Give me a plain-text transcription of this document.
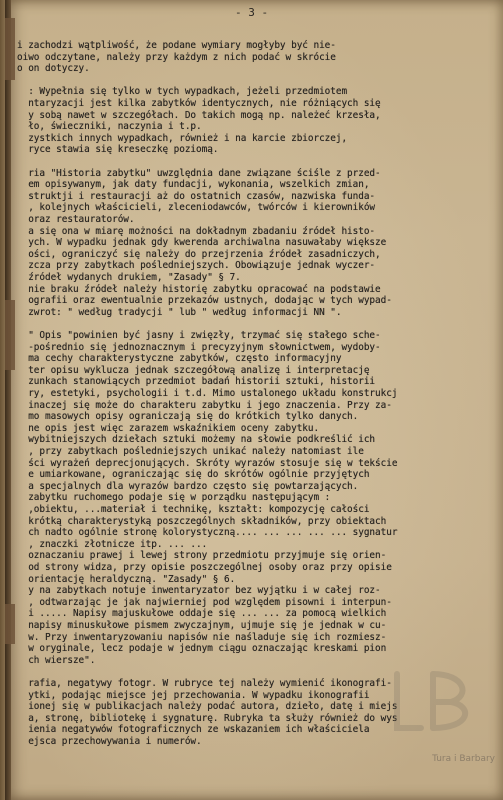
- 3 -
i zachodzi wątpliwość, że podane wymiary mogłyby być nie-
oiwo odczytane, należy przy każdym z nich podać w skrócie
o on dotyczy.
: Wypełnia się tylko w tych wypadkach, jeżeli przedmiotem
ntaryzacji jest kilka zabytków identycznych, nie różniących się
y sobą nawet w szczegółach. Do takich mogą np. należeć krzesła,
ło, świeczniki, naczynia i t.p.
zystkich innych wypadkach, również i na karcie zbiorczej,
ryce stawia się kreseczkę poziomą.
ria "Historia zabytku" uwzględnia dane związane ściśle z przed-
em opisywanym, jak daty fundacji, wykonania, wszelkich zmian,
struktji i restauracji aż do ostatnich czasów, nazwiska funda-
, kolejnych właścicieli, zleceniodawców, twórców i kierowników
oraz restauratorów.
a się ona w miarę możności na dokładnym zbadaniu źródeł histo-
ych. W wypadku jednak gdy kwerenda archiwalna nasuwałaby większe
ości, ograniczyć się należy do przejrzenia źródeł zasadniczych,
zcza przy zabytkach pośledniejszych. Obowiązuje jednak wyczer-
źródeł wydanych drukiem, "Zasady" § 7.
nie braku źródeł należy historię zabytku opracować na podstawie
ografii oraz ewentualnie przekazów ustnych, dodając w tych wypad-
zwrot: " według tradycji " lub " według informacji NN ".
" Opis "powinien być jasny i zwięzły, trzymać się stałego sche-
-pośrednio się jednoznacznym i precyzyjnym słownictwem, wydoby-
ma cechy charakterystyczne zabytków, często informacyjny
ter opisu wyklucza jednak szczegółową analizę i interpretację
zunkach stanowiących przedmiot badań historii sztuki, historii
ry, estetyki, psychologii i t.d. Mimo ustalonego układu konstrukcj
inaczej się może do charakteru zabytku i jego znaczenia. Przy za-
mo masowych opisy ograniczają się do krótkich tylko danych.
ne opis jest więc zarazem wskaźnikiem oceny zabytku.
wybitniejszych dziełach sztuki możemy na słowie podkreślić ich
, przy zabytkach pośledniejszych unikać należy natomiast ile
ści wyrażeń deprecjonujących. Skróty wyrazów stosuje się w tekście
e umiarkowane, ograniczając się do skrótów ogólnie przyjętych
a specjalnych dla wyrazów bardzo często się powtarzających.
zabytku ruchomego podaje się w porządku następującym :
,obiektu, ...materiał i technikę, kształt: kompozycję całości
krótką charakterystyką poszczególnych składników, przy obiektach
ch nadto ogólnie stronę kolorystyczną.... ... ... ... ... sygnatur
, znaczki złotnicze itp. ... ...
oznaczaniu prawej i lewej strony przedmiotu przyjmuje się orien-
od strony widza, przy opisie poszczególnej osoby oraz przy opisie
orientację heraldyczną. "Zasady" § 6.
y na zabytkach notuje inwentaryzator bez wyjątku i w całej roz-
, odtwarzając je jak najwierniej pod względem pisowni i interpun-
i ..... Napisy majuskułowe oddaje się ... ... za pomocą wielkich
napisy minuskułowe pismem zwyczajnym, ujmuje się je jednak w cu-
w. Przy inwentaryzowaniu napisów nie naśladuje się ich rozmiesz-
w oryginale, lecz podaje w jednym ciągu oznaczając kreskami pion
ch wiersze".
rafia, negatywy fotogr. W rubryce tej należy wymienić ikonografi-
ytki, podając miejsce jej przechowania. W wypadku ikonografii
ionej się w publikacjach należy podać autora, dzieło, datę i miejs
a, stronę, bibliotekę i sygnaturę. Rubryka ta służy również do wys
ienia negatywów fotograficznych ze wskazaniem ich właściciela
ejsca przechowywania i numerów.
Tura i Barbary
